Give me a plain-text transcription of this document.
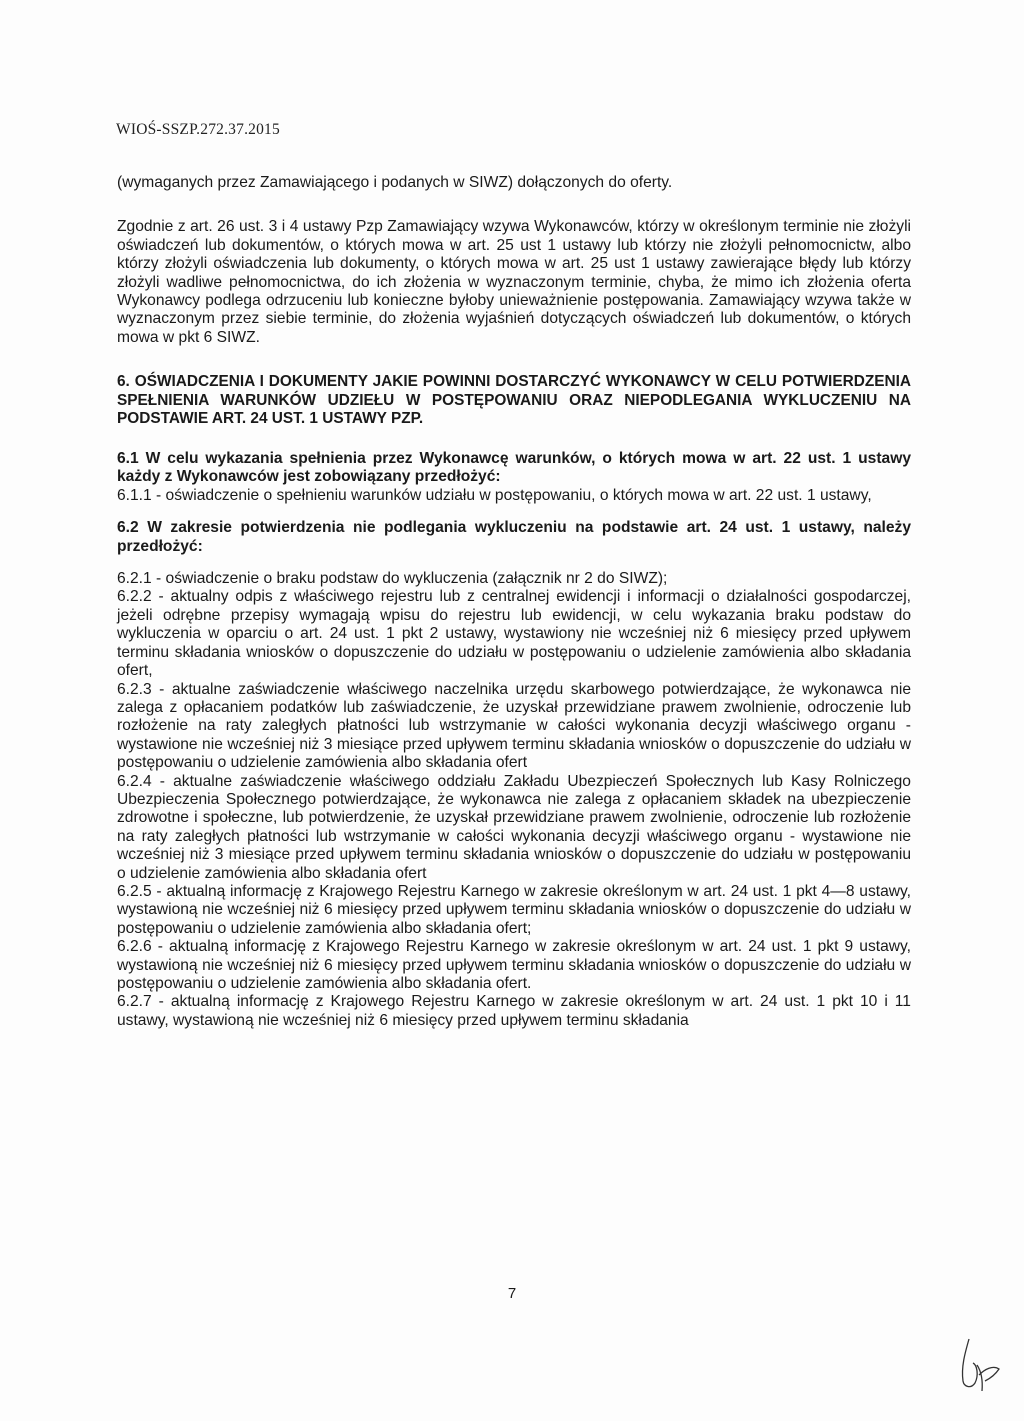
WIOŚ-SSZP.272.37.2015

(wymaganych przez Zamawiającego i podanych w SIWZ) dołączonych do oferty.

Zgodnie z art. 26 ust. 3 i 4 ustawy Pzp Zamawiający wzywa Wykonawców, którzy w określonym terminie nie złożyli oświadczeń lub dokumentów, o których mowa w art. 25 ust 1 ustawy lub którzy nie złożyli pełnomocnictw, albo którzy złożyli oświadczenia lub dokumenty, o których mowa w art. 25 ust 1 ustawy zawierające błędy lub którzy złożyli wadliwe pełnomocnictwa, do ich złożenia w wyznaczonym terminie, chyba, że mimo ich złożenia oferta Wykonawcy podlega odrzuceniu lub konieczne byłoby unieważnienie postępowania. Zamawiający wzywa także w wyznaczonym przez siebie terminie, do złożenia wyjaśnień dotyczących oświadczeń lub dokumentów, o których mowa w pkt 6 SIWZ.

6. OŚWIADCZENIA I DOKUMENTY JAKIE POWINNI DOSTARCZYĆ WYKONAWCY W CELU POTWIERDZENIA SPEŁNIENIA WARUNKÓW UDZIEŁU W POSTĘPOWANIU ORAZ NIEPODLEGANIA WYKLUCZENIU NA PODSTAWIE ART. 24 UST. 1 USTAWY PZP.

6.1 W celu wykazania spełnienia przez Wykonawcę warunków, o których mowa w art. 22 ust. 1 ustawy każdy z Wykonawców jest zobowiązany przedłożyć:

6.1.1 - oświadczenie o spełnieniu warunków udziału w postępowaniu, o których mowa w art. 22 ust. 1 ustawy,

6.2 W zakresie potwierdzenia nie podlegania wykluczeniu na podstawie art. 24 ust. 1 ustawy, należy przedłożyć:

6.2.1 - oświadczenie o braku podstaw do wykluczenia (załącznik nr 2 do SIWZ);

6.2.2 - aktualny odpis z właściwego rejestru lub z centralnej ewidencji i informacji o działalności gospodarczej, jeżeli odrębne przepisy wymagają wpisu do rejestru lub ewidencji, w celu wykazania braku podstaw do wykluczenia w oparciu o art. 24 ust. 1 pkt 2 ustawy, wystawiony nie wcześniej niż 6 miesięcy przed upływem terminu składania wniosków o dopuszczenie do udziału w postępowaniu o udzielenie zamówienia albo składania ofert,

6.2.3 - aktualne zaświadczenie właściwego naczelnika urzędu skarbowego potwierdzające, że wykonawca nie zalega z opłacaniem podatków lub zaświadczenie, że uzyskał przewidziane prawem zwolnienie, odroczenie lub rozłożenie na raty zaległych płatności lub wstrzymanie w całości wykonania decyzji właściwego organu - wystawione nie wcześniej niż 3 miesiące przed upływem terminu składania wniosków o dopuszczenie do udziału w postępowaniu o udzielenie zamówienia albo składania ofert

6.2.4 - aktualne zaświadczenie właściwego oddziału Zakładu Ubezpieczeń Społecznych lub Kasy Rolniczego Ubezpieczenia Społecznego potwierdzające, że wykonawca nie zalega z opłacaniem składek na ubezpieczenie zdrowotne i społeczne, lub potwierdzenie, że uzyskał przewidziane prawem zwolnienie, odroczenie lub rozłożenie na raty zaległych płatności lub wstrzymanie w całości wykonania decyzji właściwego organu - wystawione nie wcześniej niż 3 miesiące przed upływem terminu składania wniosków o dopuszczenie do udziału w postępowaniu o udzielenie zamówienia albo składania ofert

6.2.5 - aktualną informację z Krajowego Rejestru Karnego w zakresie określonym w art. 24 ust. 1 pkt 4—8 ustawy, wystawioną nie wcześniej niż 6 miesięcy przed upływem terminu składania wniosków o dopuszczenie do udziału w postępowaniu o udzielenie zamówienia albo składania ofert;

6.2.6 - aktualną informację z Krajowego Rejestru Karnego w zakresie określonym w art. 24 ust. 1 pkt 9 ustawy, wystawioną nie wcześniej niż 6 miesięcy przed upływem terminu składania wniosków o dopuszczenie do udziału w postępowaniu o udzielenie zamówienia albo składania ofert.

6.2.7 - aktualną informację z Krajowego Rejestru Karnego w zakresie określonym w art. 24 ust. 1 pkt 10 i 11 ustawy, wystawioną nie wcześniej niż 6 miesięcy przed upływem terminu składania

7
